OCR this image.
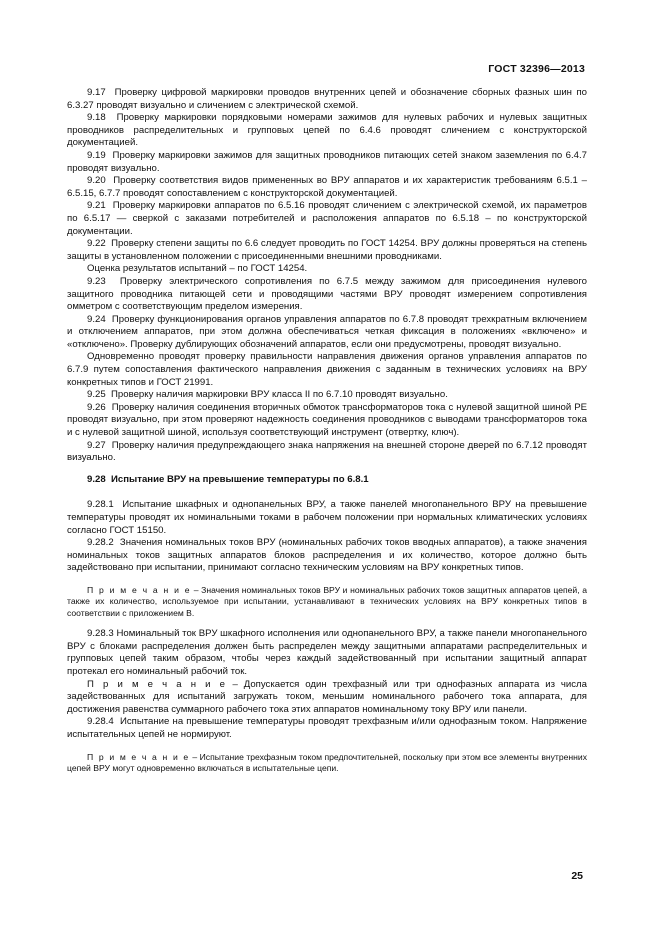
ГОСТ 32396—2013

9.17 Проверку цифровой маркировки проводов внутренних цепей и обозначение сборных фазных шин по 6.3.27 проводят визуально и сличением с электрической схемой.

9.18 Проверку маркировки порядковыми номерами зажимов для нулевых рабочих и нулевых защитных проводников распределительных и групповых цепей по 6.4.6 проводят сличением с конструкторской документацией.

9.19 Проверку маркировки зажимов для защитных проводников питающих сетей знаком заземления по 6.4.7 проводят визуально.

9.20 Проверку соответствия видов примененных во ВРУ аппаратов и их характеристик требованиям 6.5.1 – 6.5.15, 6.7.7 проводят сопоставлением с конструкторской документацией.

9.21 Проверку маркировки аппаратов по 6.5.16 проводят сличением с электрической схемой, их параметров по 6.5.17 — сверкой с заказами потребителей и расположения аппаратов по 6.5.18 – по конструкторской документации.

9.22 Проверку степени защиты по 6.6 следует проводить по ГОСТ 14254. ВРУ должны проверяться на степень защиты в установленном положении с присоединенными внешними проводниками.

Оценка результатов испытаний – по ГОСТ 14254.

9.23 Проверку электрического сопротивления по 6.7.5 между зажимом для присоединения нулевого защитного проводника питающей сети и проводящими частями ВРУ проводят измерением сопротивления омметром с соответствующим пределом измерения.

9.24 Проверку функционирования органов управления аппаратов по 6.7.8 проводят трехкратным включением и отключением аппаратов, при этом должна обеспечиваться четкая фиксация в положениях «включено» и «отключено». Проверку дублирующих обозначений аппаратов, если они предусмотрены, проводят визуально.

Одновременно проводят проверку правильности направления движения органов управления аппаратов по 6.7.9 путем сопоставления фактического направления движения с заданным в технических условиях на ВРУ конкретных типов и ГОСТ 21991.

9.25 Проверку наличия маркировки ВРУ класса II по 6.7.10 проводят визуально.

9.26 Проверку наличия соединения вторичных обмоток трансформаторов тока с нулевой защитной шиной PE проводят визуально, при этом проверяют надежность соединения проводников с выводами трансформаторов тока и с нулевой защитной шиной, используя соответствующий инструмент (отвертку, ключ).

9.27 Проверку наличия предупреждающего знака напряжения на внешней стороне дверей по 6.7.12 проводят визуально.

9.28 Испытание ВРУ на превышение температуры по 6.8.1

9.28.1 Испытание шкафных и однопанельных ВРУ, а также панелей многопанельного ВРУ на превышение температуры проводят их номинальными токами в рабочем положении при нормальных климатических условиях согласно ГОСТ 15150.

9.28.2 Значения номинальных токов ВРУ (номинальных рабочих токов вводных аппаратов), а также значения номинальных токов защитных аппаратов блоков распределения и их количество, которое должно быть задействовано при испытании, принимают согласно техническим условиям на ВРУ конкретных типов.

П р и м е ч а н и е – Значения номинальных токов ВРУ и номинальных рабочих токов защитных аппаратов цепей, а также их количество, используемое при испытании, устанавливают в технических условиях на ВРУ конкретных типов в соответствии с приложением В.

9.28.3 Номинальный ток ВРУ шкафного исполнения или однопанельного ВРУ, а также панели многопанельного ВРУ с блоками распределения должен быть распределен между защитными аппаратами распределительных и групповых цепей таким образом, чтобы через каждый задействованный при испытании защитный аппарат протекал его номинальный рабочий ток.

П р и м е ч а н и е – Допускается один трехфазный или три однофазных аппарата из числа задействованных для испытаний загружать током, меньшим номинального рабочего тока аппарата, для достижения равенства суммарного рабочего тока этих аппаратов номинальному току ВРУ или панели.

9.28.4 Испытание на превышение температуры проводят трехфазным и/или однофазным током. Напряжение испытательных цепей не нормируют.

П р и м е ч а н и е – Испытание трехфазным током предпочтительней, поскольку при этом все элементы внутренних цепей ВРУ могут одновременно включаться в испытательные цепи.

25
